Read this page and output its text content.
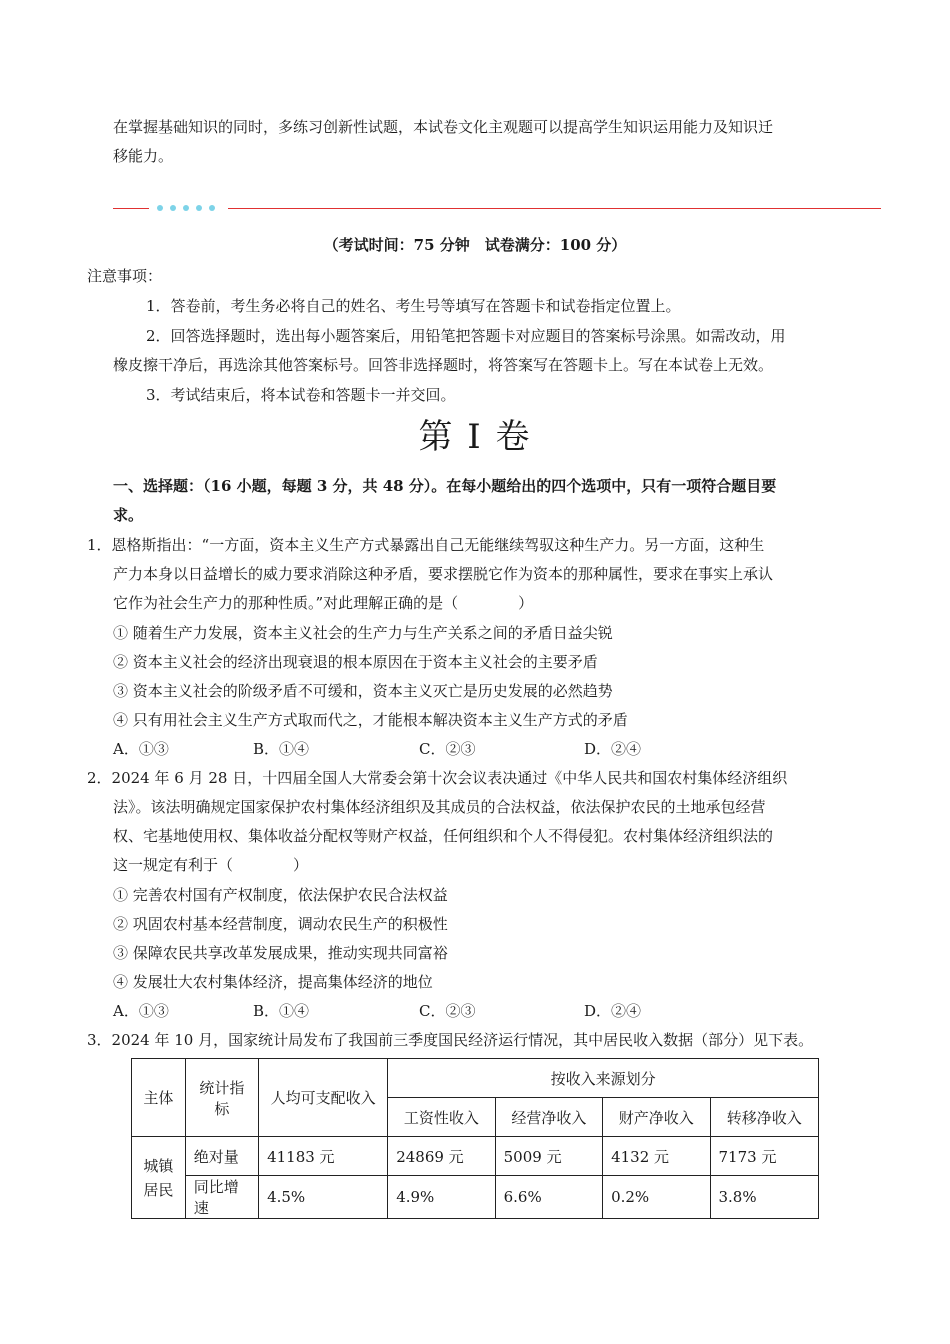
在掌握基础知识的同时，多练习创新性试题，本试卷文化主观题可以提高学生知识运用能力及知识迁
移能力。
（考试时间：75 分钟　试卷满分：100 分）
注意事项：
1．答卷前，考生务必将自己的姓名、考生号等填写在答题卡和试卷指定位置上。
2．回答选择题时，选出每小题答案后，用铅笔把答题卡对应题目的答案标号涂黑。如需改动，用
橡皮擦干净后，再选涂其他答案标号。回答非选择题时，将答案写在答题卡上。写在本试卷上无效。
3．考试结束后，将本试卷和答题卡一并交回。
第 I 卷
一、选择题：（16 小题，每题 3 分，共 48 分）。在每小题给出的四个选项中，只有一项符合题目要
求。
1．恩格斯指出：“一方面，资本主义生产方式暴露出自己无能继续驾驭这种生产力。另一方面，这种生
产力本身以日益增长的威力要求消除这种矛盾，要求摆脱它作为资本的那种属性，要求在事实上承认
它作为社会生产力的那种性质。”对此理解正确的是（　　　　）
① 随着生产力发展，资本主义社会的生产力与生产关系之间的矛盾日益尖锐
② 资本主义社会的经济出现衰退的根本原因在于资本主义社会的主要矛盾
③ 资本主义社会的阶级矛盾不可缓和，资本主义灭亡是历史发展的必然趋势
④ 只有用社会主义生产方式取而代之，才能根本解决资本主义生产方式的矛盾
A．①③	B．①④	C．②③	D．②④
2．2024 年 6 月 28 日，十四届全国人大常委会第十次会议表决通过《中华人民共和国农村集体经济组织
法》。该法明确规定国家保护农村集体经济组织及其成员的合法权益，依法保护农民的土地承包经营
权、宅基地使用权、集体收益分配权等财产权益，任何组织和个人不得侵犯。农村集体经济组织法的
这一规定有利于（　　　　）
① 完善农村国有产权制度，依法保护农民合法权益
② 巩固农村基本经营制度，调动农民生产的积极性
③ 保障农民共享改革发展成果，推动实现共同富裕
④ 发展壮大农村集体经济，提高集体经济的地位
A．①③	B．①④	C．②③	D．②④
3．2024 年 10 月，国家统计局发布了我国前三季度国民经济运行情况，其中居民收入数据（部分）见下表。
主体	统计指标	人均可支配收入	按收入来源划分			
			工资性收入	经营净收入	财产净收入	转移净收入
城镇
居民	绝对量	41183 元	24869 元	5009 元	4132 元	7173 元
	同比增速	4.5%	4.9%	6.6%	0.2%	3.8%
